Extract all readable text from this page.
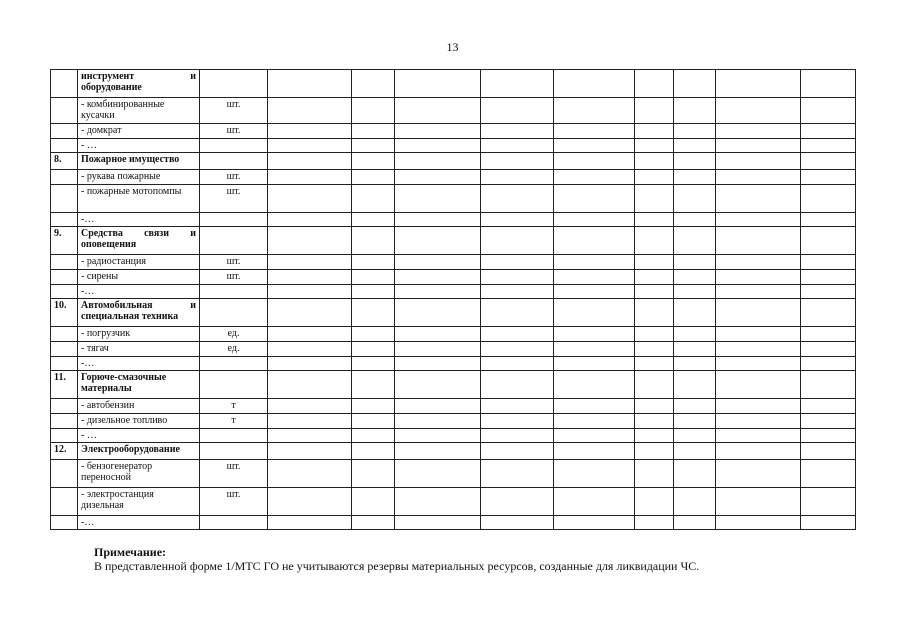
13
	инструмент и оборудование										
	- комбинированные кусачки	шт.									
	- домкрат	шт.									
	- …										
8.	Пожарное имущество										
	- рукава пожарные	шт.									
	- пожарные мотопомпы	шт.									
	-…										
9.	Средства связи и оповещения										
	- радиостанция	шт.									
	- сирены	шт.									
	-…										
10.	Автомобильная и специальная техника										
	- погрузчик	ед.									
	- тягач	ед.									
	-…										
11.	Горюче-смазочные материалы										
	- автобензин	т									
	- дизельное топливо	т									
	- …										
12.	Электрооборудование										
	- бензогенератор переносной	шт.									
	- электростанция дизельная	шт.									
	-…										
Примечание:
В представленной форме 1/МТС ГО не учитываются резервы материальных ресурсов, созданные для ликвидации ЧС.
